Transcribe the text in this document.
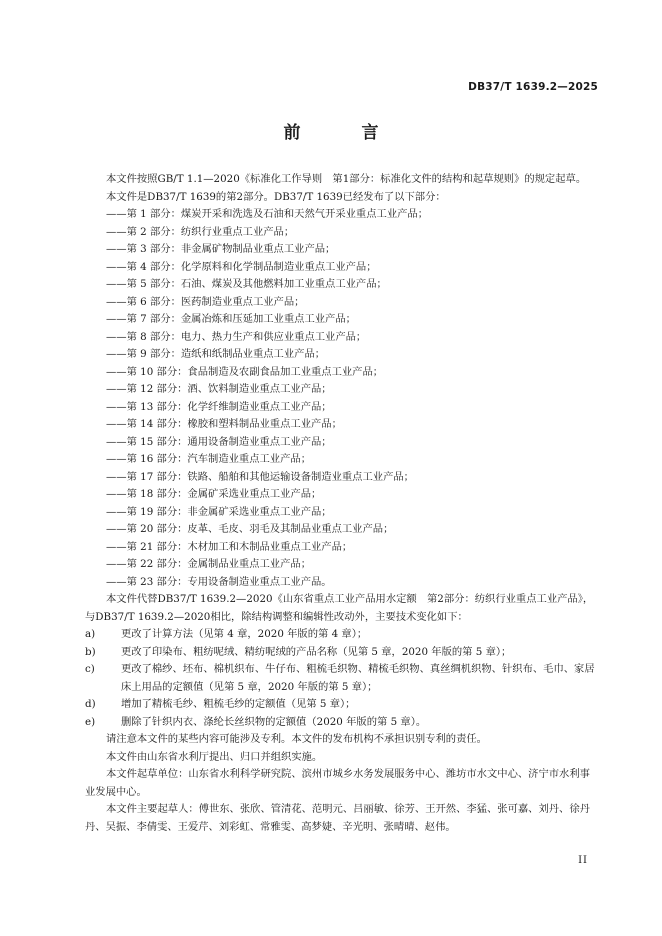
DB37/T 1639.2—2025
前　言

本文件按照GB/T 1.1—2020《标准化工作导则　第1部分：标准化文件的结构和起草规则》的规定起草。

本文件是DB37/T 1639的第2部分。DB37/T 1639已经发布了以下部分：

——第 1 部分：煤炭开采和洗选及石油和天然气开采业重点工业产品；

——第 2 部分：纺织行业重点工业产品；

——第 3 部分：非金属矿物制品业重点工业产品；

——第 4 部分：化学原料和化学制品制造业重点工业产品；

——第 5 部分：石油、煤炭及其他燃料加工业重点工业产品；

——第 6 部分：医药制造业重点工业产品；

——第 7 部分：金属冶炼和压延加工业重点工业产品；

——第 8 部分：电力、热力生产和供应业重点工业产品；

——第 9 部分：造纸和纸制品业重点工业产品；

——第 10 部分：食品制造及农副食品加工业重点工业产品；

——第 12 部分：酒、饮料制造业重点工业产品；

——第 13 部分：化学纤维制造业重点工业产品；

——第 14 部分：橡胶和塑料制品业重点工业产品；

——第 15 部分：通用设备制造业重点工业产品；

——第 16 部分：汽车制造业重点工业产品；

——第 17 部分：铁路、船舶和其他运输设备制造业重点工业产品；

——第 18 部分：金属矿采选业重点工业产品；

——第 19 部分：非金属矿采选业重点工业产品；

——第 20 部分：皮革、毛皮、羽毛及其制品业重点工业产品；

——第 21 部分：木材加工和木制品业重点工业产品；

——第 22 部分：金属制品业重点工业产品；

——第 23 部分：专用设备制造业重点工业产品。

本文件代替DB37/T 1639.2—2020《山东省重点工业产品用水定额　第2部分：纺织行业重点工业产品》，与DB37/T 1639.2—2020相比，除结构调整和编辑性改动外，主要技术变化如下：

a)	更改了计算方法（见第 4 章，2020 年版的第 4 章）；
b)	更改了印染布、粗纺呢绒、精纺呢绒的产品名称（见第 5 章，2020 年版的第 5 章）；
c)	更改了棉纱、坯布、棉机织布、牛仔布、粗梳毛织物、精梳毛织物、真丝绸机织物、针织布、毛巾、家居床上用品的定额值（见第 5 章，2020 年版的第 5 章）；
d)	增加了精梳毛纱、粗梳毛纱的定额值（见第 5 章）；
e)	删除了针织内衣、涤纶长丝织物的定额值（2020 年版的第 5 章）。

请注意本文件的某些内容可能涉及专利。本文件的发布机构不承担识别专利的责任。

本文件由山东省水利厅提出、归口并组织实施。

本文件起草单位：山东省水利科学研究院、滨州市城乡水务发展服务中心、潍坊市水文中心、济宁市水利事业发展中心。

本文件主要起草人：傅世东、张欣、管清花、范明元、吕丽敏、徐芳、王开然、李猛、张可嘉、刘丹、徐丹丹、吴振、李倩雯、王爱芹、刘彩虹、常雅雯、高梦婕、辛光明、张晴晴、赵伟。

II
